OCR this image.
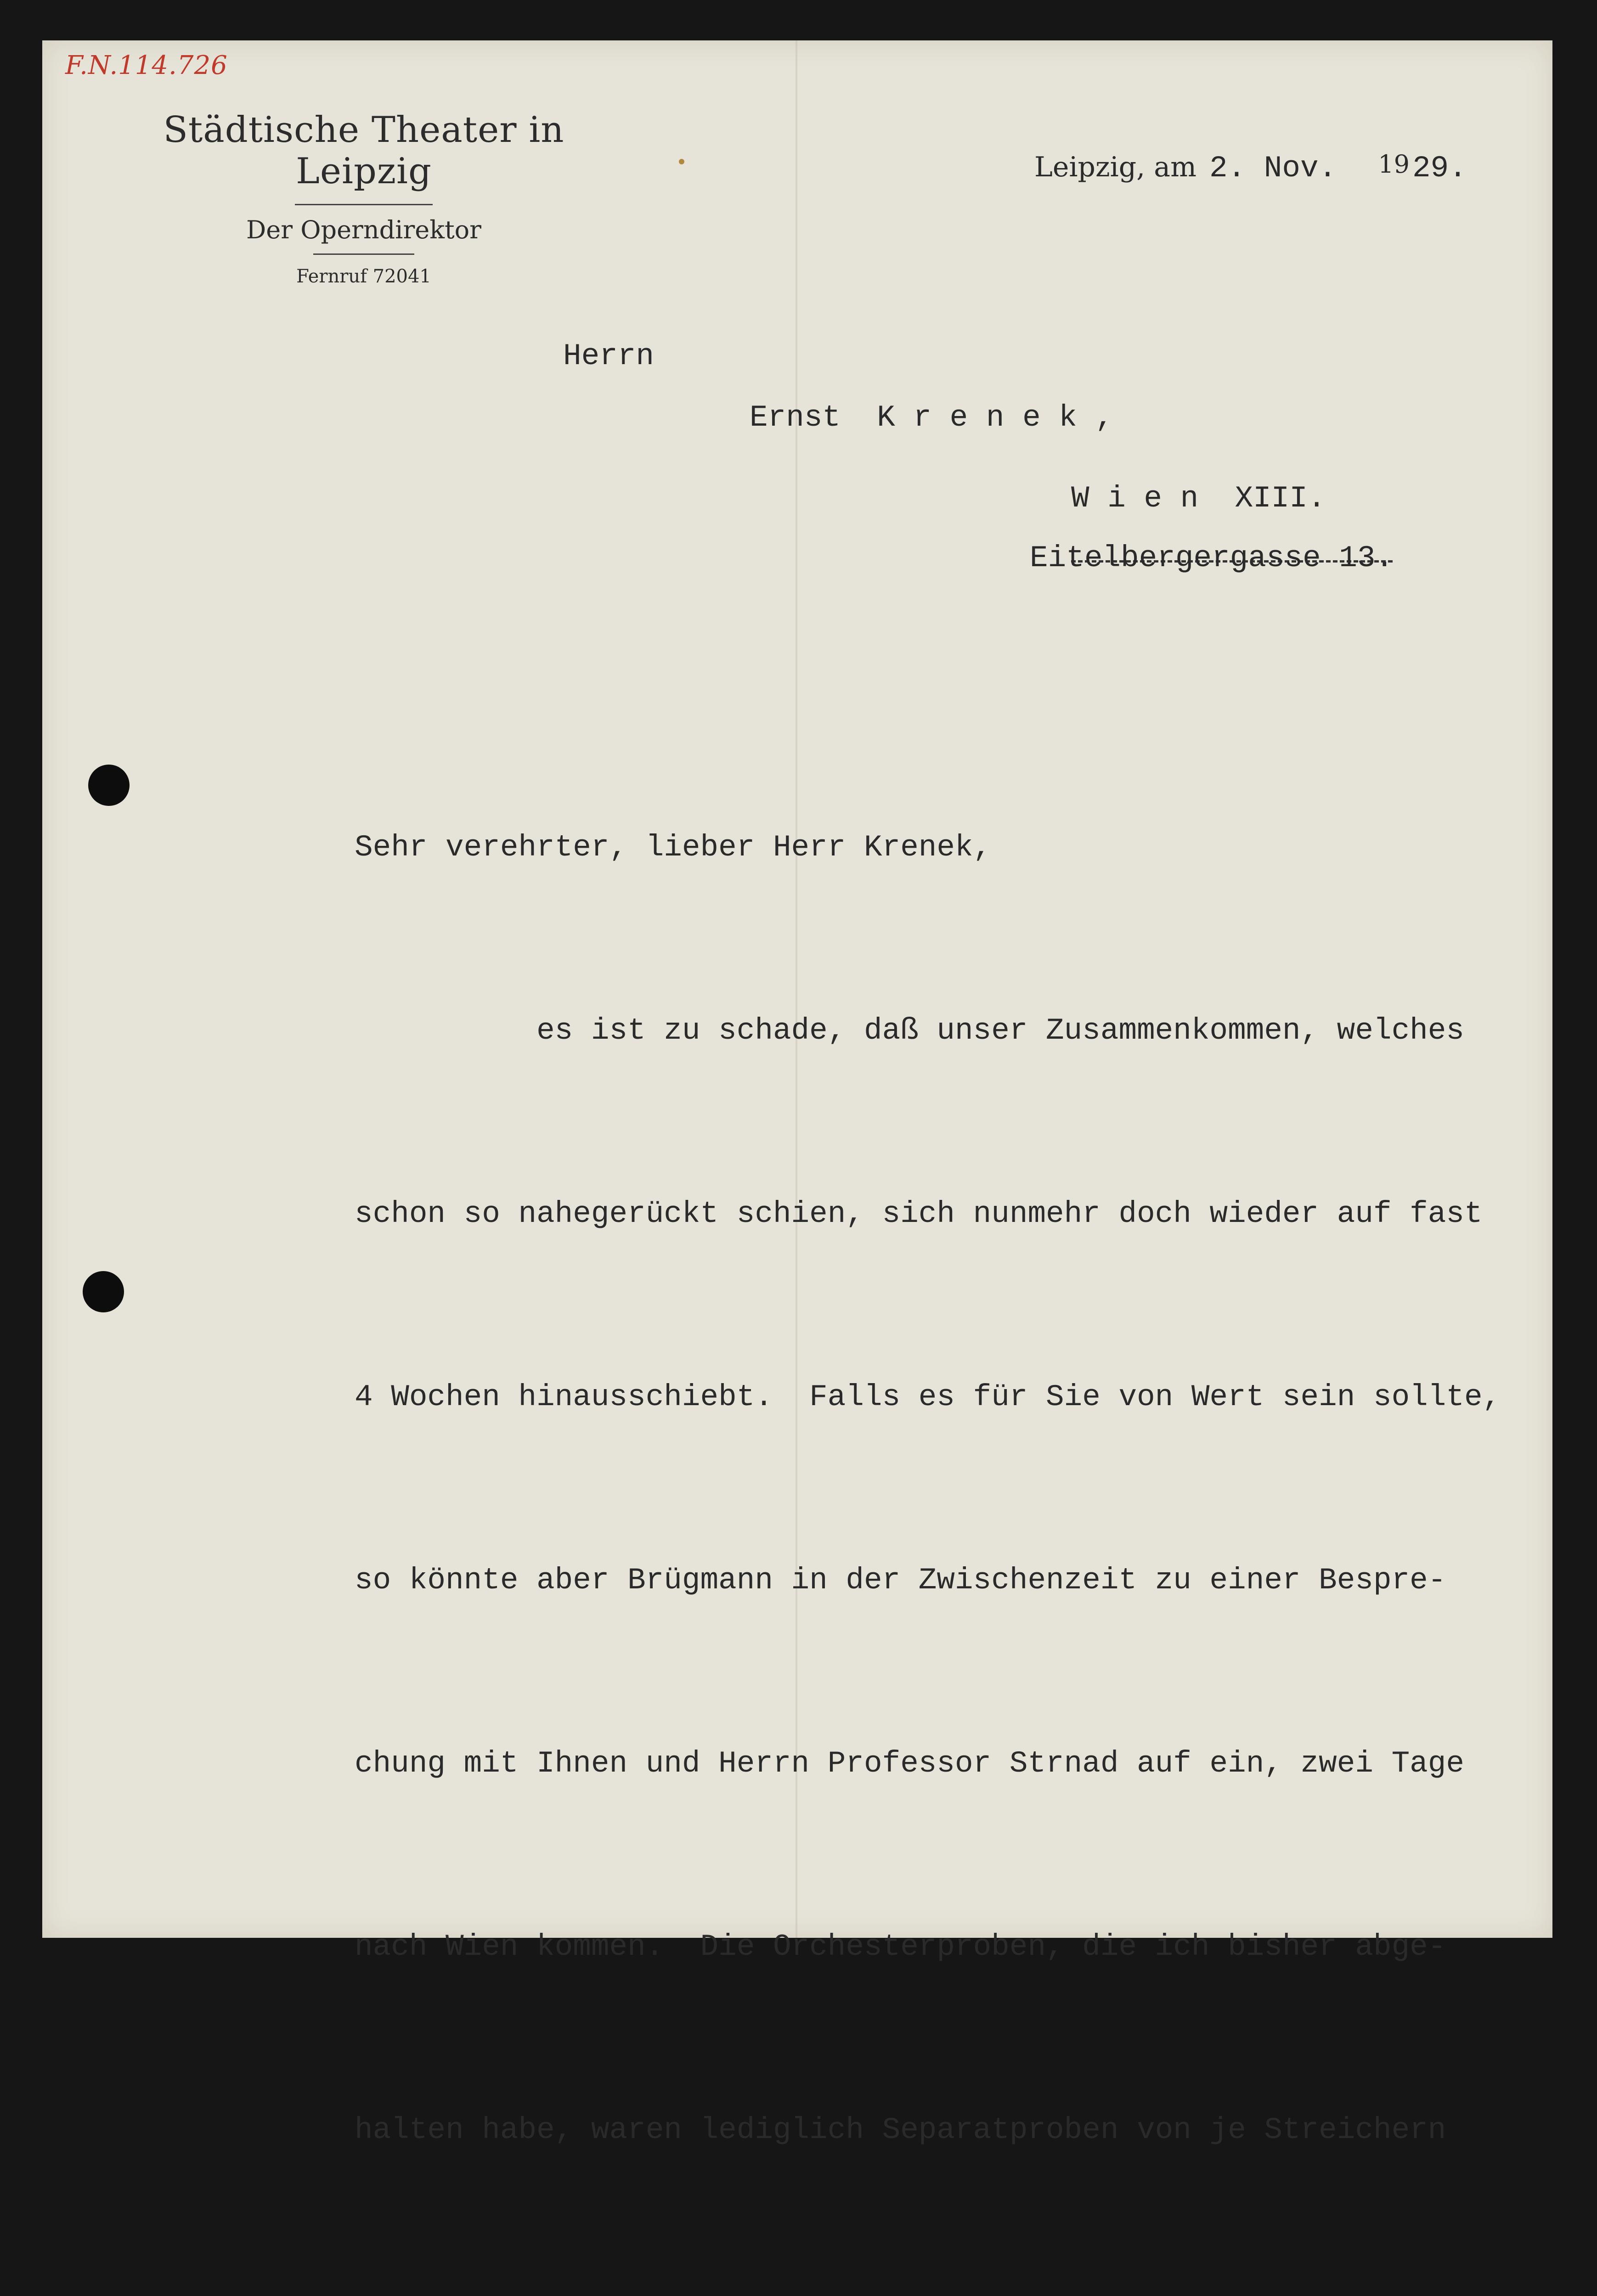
F.N.114.726
Städtische Theater in Leipzig
Der Operndirektor
Fernruf 72041
Leipzig, am 2. Nov. 1929.
Herrn
Ernst  K r e n e k ,
W i e n  XIII.
Eitelbergergasse 13.

Sehr verehrter, lieber Herr Krenek,

es ist zu schade, daß unser Zusammenkommen, welches

schon so nahegerückt schien, sich nunmehr doch wieder auf fast

4 Wochen hinausschiebt.  Falls es für Sie von Wert sein sollte,

so könnte aber Brügmann in der Zwischenzeit zu einer Bespre-

chung mit Ihnen und Herrn Professor Strnad auf ein, zwei Tage

nach Wien kommen.  Die Orchesterproben, die ich bisher abge-

halten habe, waren lediglich Separatproben von je Streichern
